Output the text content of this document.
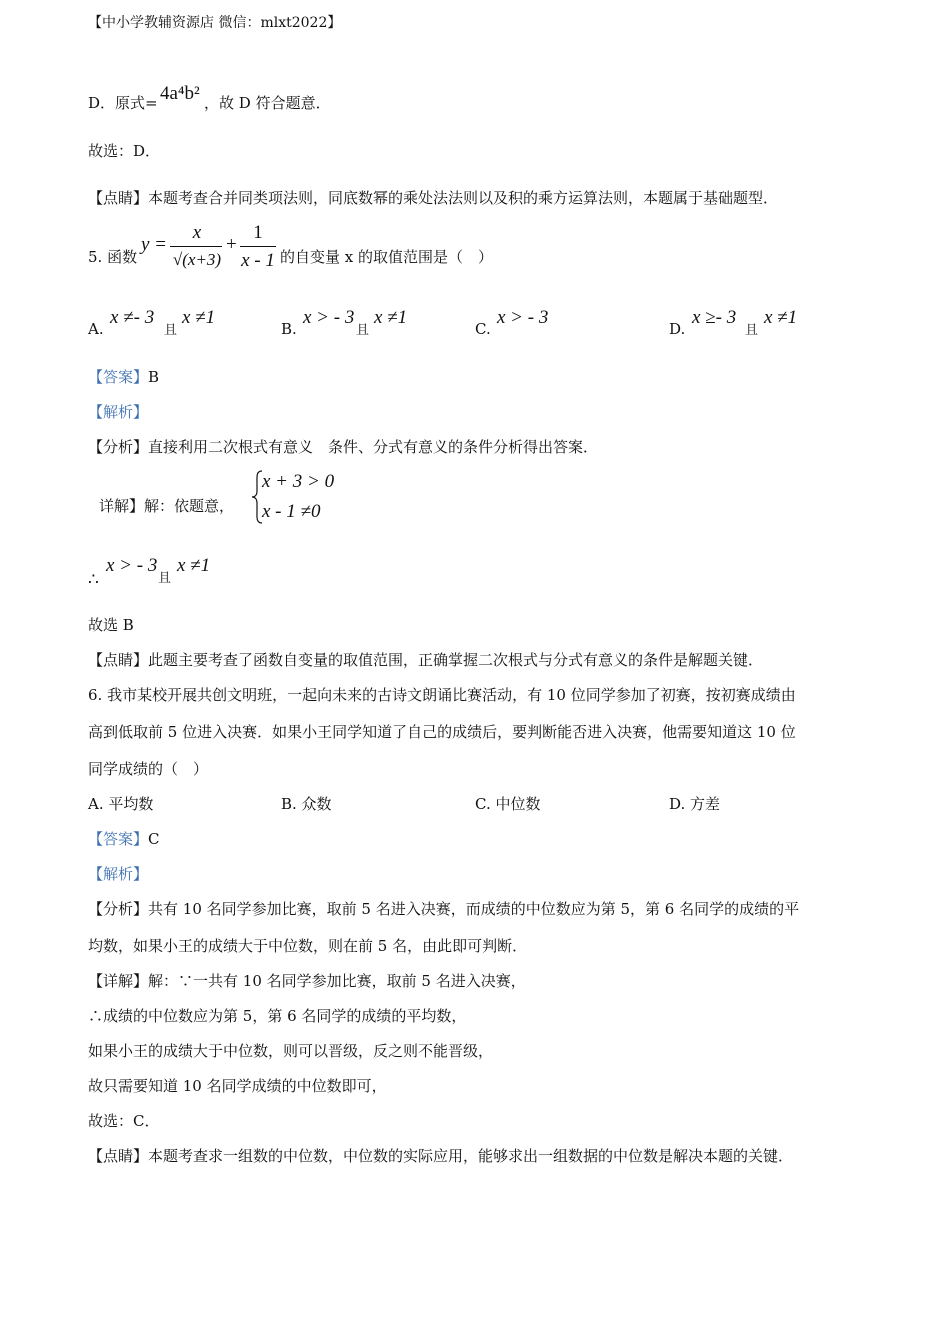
【中小学教辅资源店 微信：mlxt2022】
D．原式= 4a⁴b² ，故 D 符合题意．
故选：D．
【点睛】本题考查合并同类项法则，同底数幂的乘处法法则以及积的乘方运算法则，本题属于基础题型．
5. 函数
y =
x
√(x+3)
+
1
x - 1 的自变量 x 的取值范围是（　）
A.
x ≠- 3
且
x ≠1
B.
x > - 3
且
x ≠1
C.
x > - 3
D.
x ≥- 3
且
x ≠1
【答案】B
【解析】
【分析】直接利用二次根式有意义　条件、分式有意义的条件分析得出答案．
详解】解：依题意，
x + 3 > 0
x - 1 ≠0
∴
x > - 3
且
x ≠1
故选 B
【点睛】此题主要考查了函数自变量的取值范围，正确掌握二次根式与分式有意义的条件是解题关键．
6. 我市某校开展共创文明班，一起向未来的古诗文朗诵比赛活动，有 10 位同学参加了初赛，按初赛成绩由
高到低取前 5 位进入决赛．如果小王同学知道了自己的成绩后，要判断能否进入决赛，他需要知道这 10 位
同学成绩的（　）
A. 平均数	B. 众数	C. 中位数	D. 方差
【答案】C
【解析】
【分析】共有 10 名同学参加比赛，取前 5 名进入决赛，而成绩的中位数应为第 5，第 6 名同学的成绩的平
均数，如果小王的成绩大于中位数，则在前 5 名，由此即可判断．
【详解】解：∵一共有 10 名同学参加比赛，取前 5 名进入决赛，
∴成绩的中位数应为第 5，第 6 名同学的成绩的平均数，
如果小王的成绩大于中位数，则可以晋级，反之则不能晋级，
故只需要知道 10 名同学成绩的中位数即可，
故选：C．
【点睛】本题考查求一组数的中位数，中位数的实际应用，能够求出一组数据的中位数是解决本题的关键．
